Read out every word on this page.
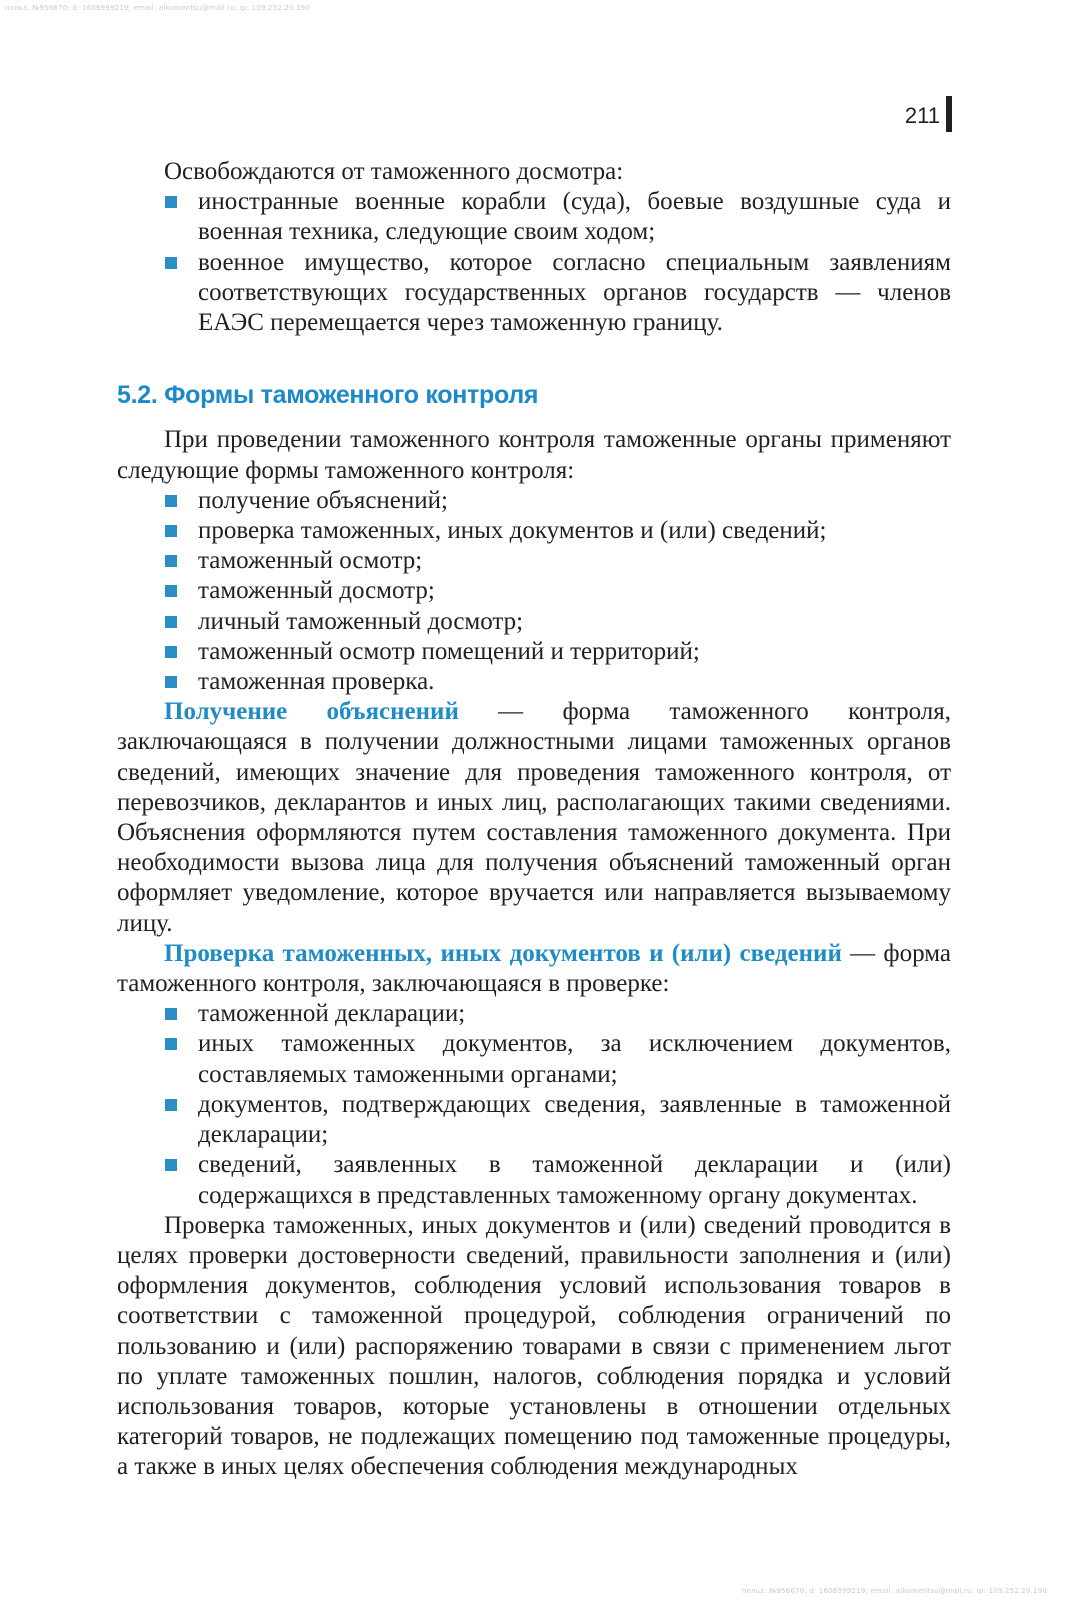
польз. №956670; d: 1606999219; email: alkumentsu@mail.ru; ip: 109.252.20.190
211

Освобождаются от таможенного досмотра:

иностранные военные корабли (суда), боевые воздушные суда и военная техника, следующие своим ходом;
военное имущество, которое согласно специальным заявлениям соответствующих государственных органов государств — членов ЕАЭС перемещается через таможенную границу.
5.2. Формы таможенного контроля

При проведении таможенного контроля таможенные органы применяют следующие формы таможенного контроля:

получение объяснений;
проверка таможенных, иных документов и (или) сведений;
таможенный осмотр;
таможенный досмотр;
личный таможенный досмотр;
таможенный осмотр помещений и территорий;
таможенная проверка.

Получение объяснений — форма таможенного контроля, заключающаяся в получении должностными лицами таможенных органов сведений, имеющих значение для проведения таможенного контроля, от перевозчиков, декларантов и иных лиц, располагающих такими сведениями. Объяснения оформляются путем составления таможенного документа. При необходимости вызова лица для получения объяснений таможенный орган оформляет уведомление, которое вручается или направляется вызываемому лицу.

Проверка таможенных, иных документов и (или) сведений — форма таможенного контроля, заключающаяся в проверке:

таможенной декларации;
иных таможенных документов, за исключением документов, составляемых таможенными органами;
документов, подтверждающих сведения, заявленные в таможенной декларации;
сведений, заявленных в таможенной декларации и (или) содержащихся в представленных таможенному органу документах.

Проверка таможенных, иных документов и (или) сведений проводится в целях проверки достоверности сведений, правильности заполнения и (или) оформления документов, соблюдения условий использования товаров в соответствии с таможенной процедурой, соблюдения ограничений по пользованию и (или) распоряжению товарами в связи с применением льгот по уплате таможенных пошлин, налогов, соблюдения порядка и условий использования товаров, которые установлены в отношении отдельных категорий товаров, не подлежащих помещению под таможенные процедуры, а также в иных целях обеспечения соблюдения международных

польз. №956670; d: 1606999219; email: alkumentsu@mail.ru; ip: 109.252.20.190
